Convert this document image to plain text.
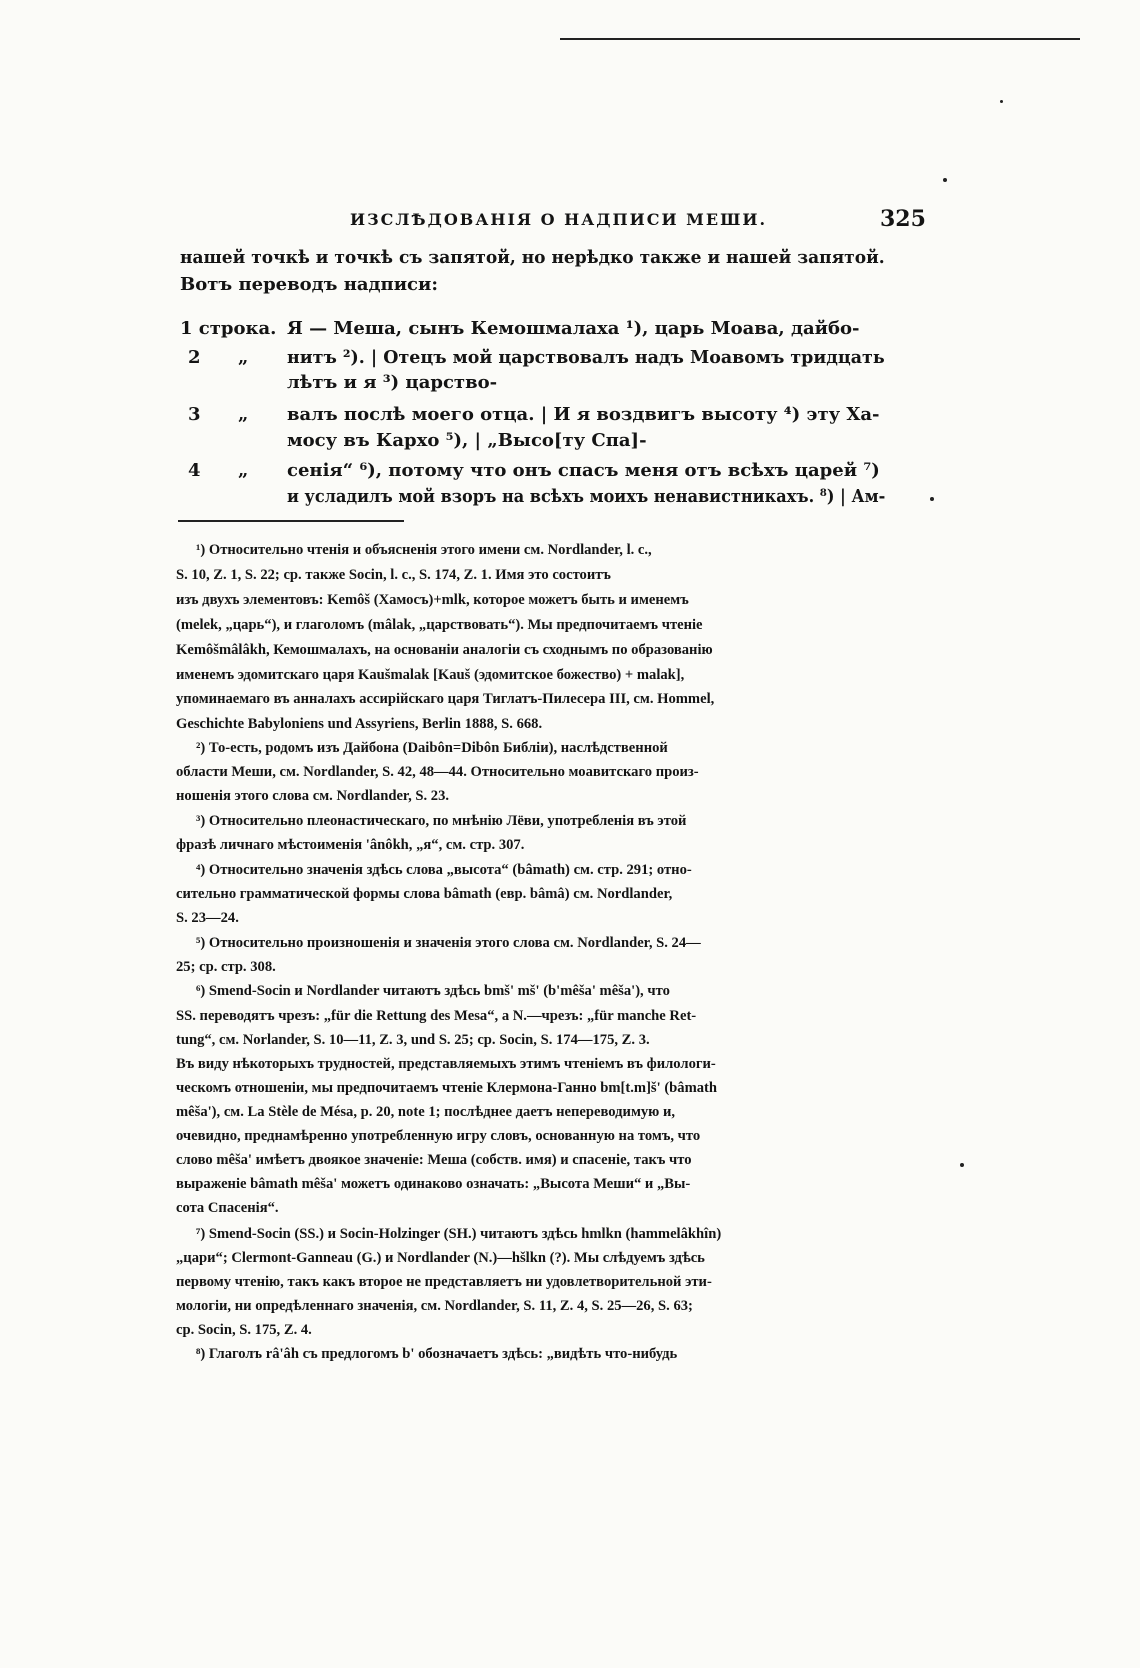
ИЗСЛѢДОВАНІЯ О НАДПИСИ МЕШИ.	325
нашей точкѣ и точкѣ съ запятой, но нерѣдко также и нашей запятой.
Вотъ переводъ надписи:
1 строка. Я — Меша, сынъ Кемошмалаха ¹), царь Моава, дайбо-
2 „ нитъ ²). | Отецъ мой царствовалъ надъ Моавомъ тридцать
лѣтъ и я ³) царство-
3 „ валъ послѣ моего отца. | И я воздвигъ высоту ⁴) эту Ха-
мосу въ Кархо ⁵), | „Высо[ту Спа]-
4 „ сенія“ ⁶), потому что онъ спасъ меня отъ всѣхъ царей ⁷)
и усладилъ мой взоръ на всѣхъ моихъ ненавистникахъ. ⁸) | Ам-
¹) Относительно чтенія и объясненія этого имени см. Nordlander, l. c.,
S. 10, Z. 1, S. 22; ср. также Socin, l. c., S. 174, Z. 1. Имя это состоитъ
изъ двухъ элементовъ: Kemôš (Хамосъ)+mlk, которое можетъ быть и именемъ
(melek, „царь“), и глаголомъ (mâlak, „царствовать“). Мы предпочитаемъ чтеніе
Kemôšmâlâkh, Кемошмалахъ, на основаніи аналогіи съ сходнымъ по образованію
именемъ эдомитскаго царя Kaušmalak [Kauš (эдомитское божество) + malak],
упоминаемаго въ анналахъ ассирійскаго царя Тиглатъ-Пилесера III, см. Hommel,
Geschichte Babyloniens und Assyriens, Berlin 1888, S. 668.
²) То-есть, родомъ изъ Дайбона (Daibôn=Dibôn Библіи), наслѣдственной
области Меши, см. Nordlander, S. 42, 48—44. Относительно моавитскаго произ-
ношенія этого слова см. Nordlander, S. 23.
³) Относительно плеонастическаго, по мнѣнію Лёви, употребленія въ этой
фразѣ личнаго мѣстоименія 'ânôkh, „я“, см. стр. 307.
⁴) Относительно значенія здѣсь слова „высота“ (bâmath) см. стр. 291; отно-
сительно грамматической формы слова bâmath (евр. bâmâ) см. Nordlander,
S. 23—24.
⁵) Относительно произношенія и значенія этого слова см. Nordlander, S. 24—
25; ср. стр. 308.
⁶) Smend-Socin и Nordlander читаютъ здѣсь bmš' mš' (b'mêša' mêša'), что
SS. переводятъ чрезъ: „für die Rettung des Mesa“, а N.—чрезъ: „für manche Ret-
tung“, см. Norlander, S. 10—11, Z. 3, und S. 25; ср. Socin, S. 174—175, Z. 3.
Въ виду нѣкоторыхъ трудностей, представляемыхъ этимъ чтеніемъ въ филологи-
ческомъ отношеніи, мы предпочитаемъ чтеніе Клермона-Ганно bm[t.m]š' (bâmath
mêša'), см. La Stèle de Mésa, p. 20, note 1; послѣднее даетъ непереводимую и,
очевидно, преднамѣренно употребленную игру словъ, основанную на томъ, что
слово mêša' имѣетъ двоякое значеніе: Меша (собств. имя) и спасеніе, такъ что
выраженіе bâmath mêša' можетъ одинаково означать: „Высота Меши“ и „Вы-
сота Спасенія“.
⁷) Smend-Socin (SS.) и Socin-Holzinger (SH.) читаютъ здѣсь hmlkn (hammelâkhîn)
„цари“; Clermont-Ganneau (G.) и Nordlander (N.)—hšlkn (?). Мы слѣдуемъ здѣсь
первому чтенію, такъ какъ второе не представляетъ ни удовлетворительной эти-
мологіи, ни опредѣленнаго значенія, см. Nordlander, S. 11, Z. 4, S. 25—26, S. 63;
ср. Socin, S. 175, Z. 4.
⁸) Глаголъ râ'âh съ предлогомъ b' обозначаетъ здѣсь: „видѣть что-нибудь
